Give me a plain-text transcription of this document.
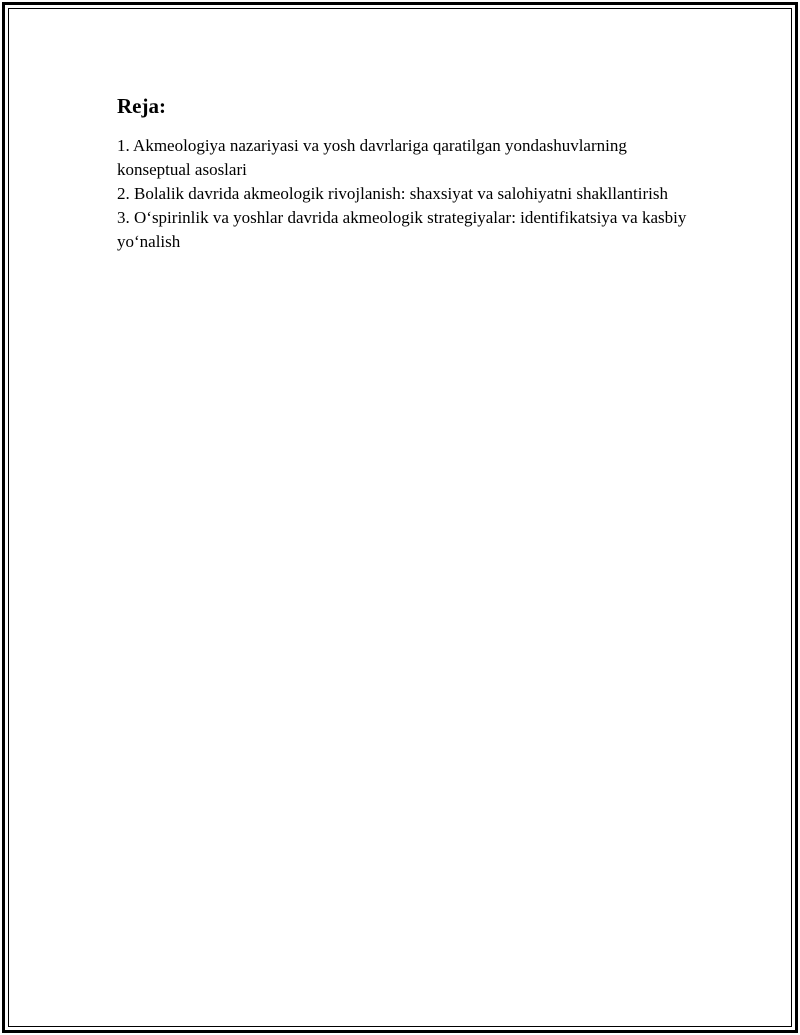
Reja:
1. Akmeologiya nazariyasi va yosh davrlariga qaratilgan yondashuvlarning konseptual asoslari
2. Bolalik davrida akmeologik rivojlanish: shaxsiyat va salohiyatni shakllantirish
3. O‘spirinlik va yoshlar davrida akmeologik strategiyalar: identifikatsiya va kasbiy yo‘nalish
